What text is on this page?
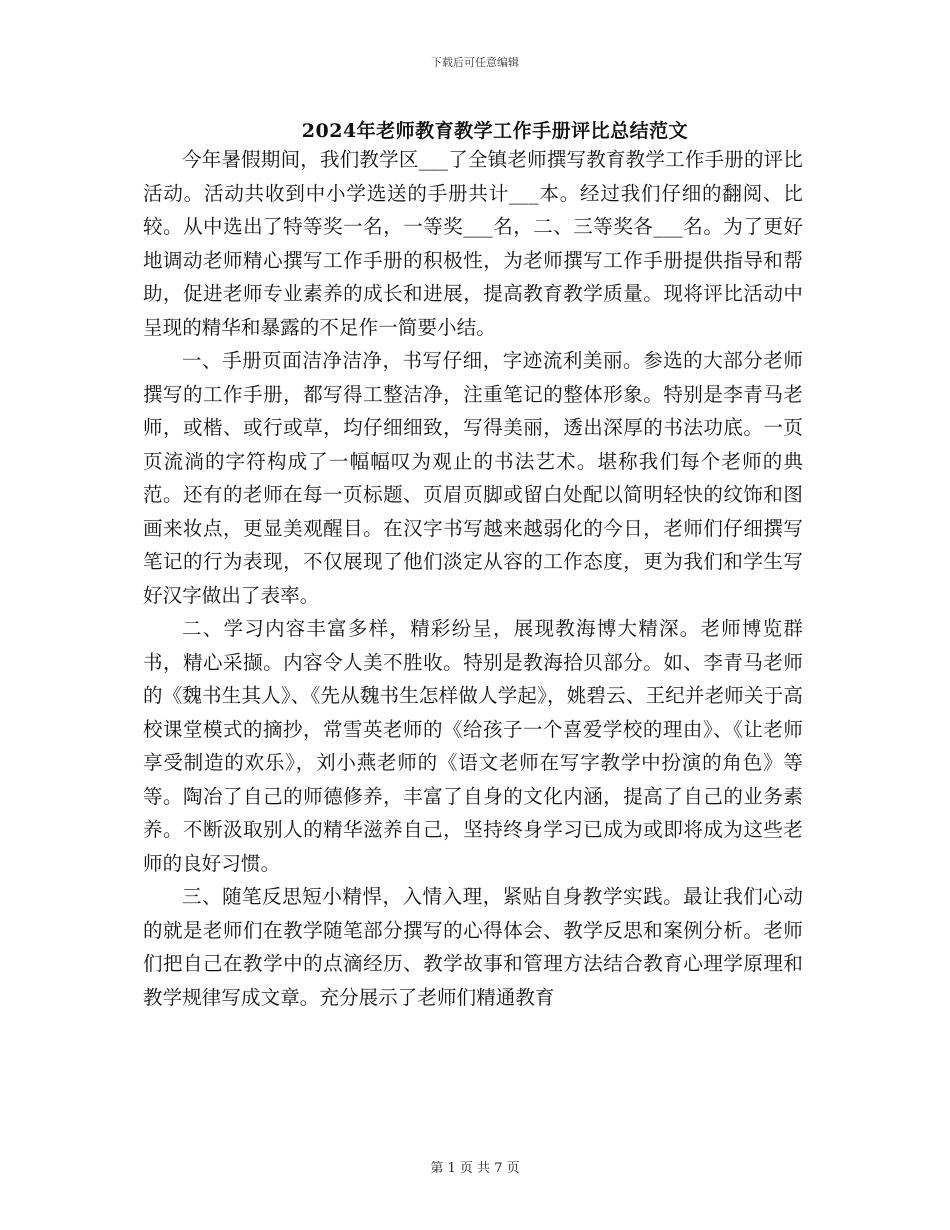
下载后可任意编辑
2024年老师教育教学工作手册评比总结范文

今年暑假期间，我们教学区___了全镇老师撰写教育教学工作手册的评比活动。活动共收到中小学选送的手册共计___本。经过我们仔细的翻阅、比较。从中选出了特等奖一名，一等奖___名，二、三等奖各___名。为了更好地调动老师精心撰写工作手册的积极性，为老师撰写工作手册提供指导和帮助，促进老师专业素养的成长和进展，提高教育教学质量。现将评比活动中呈现的精华和暴露的不足作一简要小结。

一、手册页面洁净洁净，书写仔细，字迹流利美丽。参选的大部分老师撰写的工作手册，都写得工整洁净，注重笔记的整体形象。特别是李青马老师，或楷、或行或草，均仔细细致，写得美丽，透出深厚的书法功底。一页页流淌的字符构成了一幅幅叹为观止的书法艺术。堪称我们每个老师的典范。还有的老师在每一页标题、页眉页脚或留白处配以简明轻快的纹饰和图画来妆点，更显美观醒目。在汉字书写越来越弱化的今日，老师们仔细撰写笔记的行为表现，不仅展现了他们淡定从容的工作态度，更为我们和学生写好汉字做出了表率。

二、学习内容丰富多样，精彩纷呈，展现教海博大精深。老师博览群书，精心采撷。内容令人美不胜收。特别是教海拾贝部分。如、李青马老师的《魏书生其人》、《先从魏书生怎样做人学起》，姚碧云、王纪并老师关于高校课堂模式的摘抄，常雪英老师的《给孩子一个喜爱学校的理由》、《让老师享受制造的欢乐》，刘小燕老师的《语文老师在写字教学中扮演的角色》等等。陶冶了自己的师德修养，丰富了自身的文化内涵，提高了自己的业务素养。不断汲取别人的精华滋养自己，坚持终身学习已成为或即将成为这些老师的良好习惯。

三、随笔反思短小精悍，入情入理，紧贴自身教学实践。最让我们心动的就是老师们在教学随笔部分撰写的心得体会、教学反思和案例分析。老师们把自己在教学中的点滴经历、教学故事和管理方法结合教育心理学原理和教学规律写成文章。充分展示了老师们精通教育

第 1 页 共 7 页
